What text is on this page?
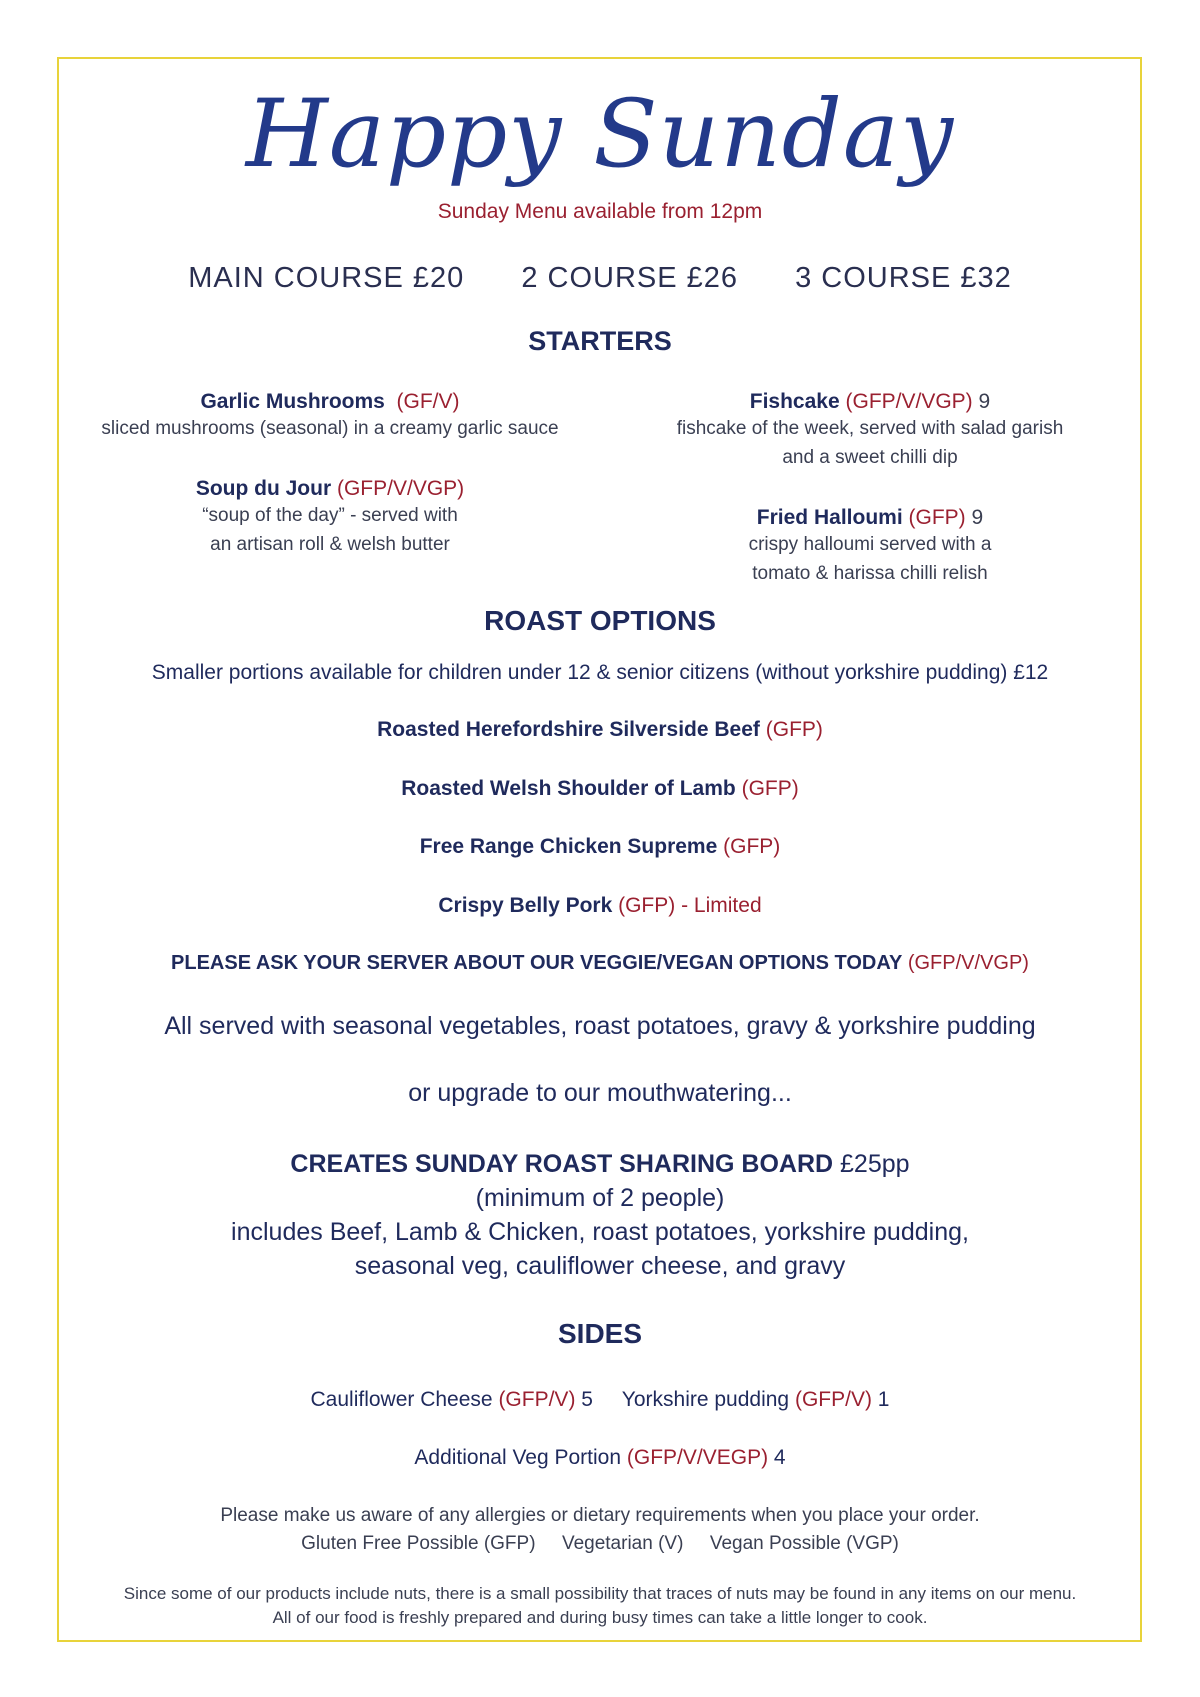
Happy Sunday
Sunday Menu available from 12pm
MAIN COURSE £20 2 COURSE £26 3 COURSE £32
STARTERS
Garlic Mushrooms (GF/V)
sliced mushrooms (seasonal) in a creamy garlic sauce
Fishcake (GFP/V/VGP) 9
fishcake of the week, served with salad garish
and a sweet chilli dip
Soup du Jour (GFP/V/VGP)
“soup of the day” - served with
an artisan roll & welsh butter
Fried Halloumi (GFP) 9
crispy halloumi served with a
tomato & harissa chilli relish
ROAST OPTIONS
Smaller portions available for children under 12 & senior citizens (without yorkshire pudding) £12
Roasted Herefordshire Silverside Beef (GFP)
Roasted Welsh Shoulder of Lamb (GFP)
Free Range Chicken Supreme (GFP)
Crispy Belly Pork (GFP) - Limited
PLEASE ASK YOUR SERVER ABOUT OUR VEGGIE/VEGAN OPTIONS TODAY (GFP/V/VGP)
All served with seasonal vegetables, roast potatoes, gravy & yorkshire pudding
or upgrade to our mouthwatering...
CREATES SUNDAY ROAST SHARING BOARD £25pp
(minimum of 2 people)
includes Beef, Lamb & Chicken, roast potatoes, yorkshire pudding,
seasonal veg, cauliflower cheese, and gravy
SIDES
Cauliflower Cheese (GFP/V) 5 Yorkshire pudding (GFP/V) 1
Additional Veg Portion (GFP/V/VEGP) 4
Please make us aware of any allergies or dietary requirements when you place your order.
Gluten Free Possible (GFP) Vegetarian (V) Vegan Possible (VGP)
Since some of our products include nuts, there is a small possibility that traces of nuts may be found in any items on our menu.
All of our food is freshly prepared and during busy times can take a little longer to cook.
